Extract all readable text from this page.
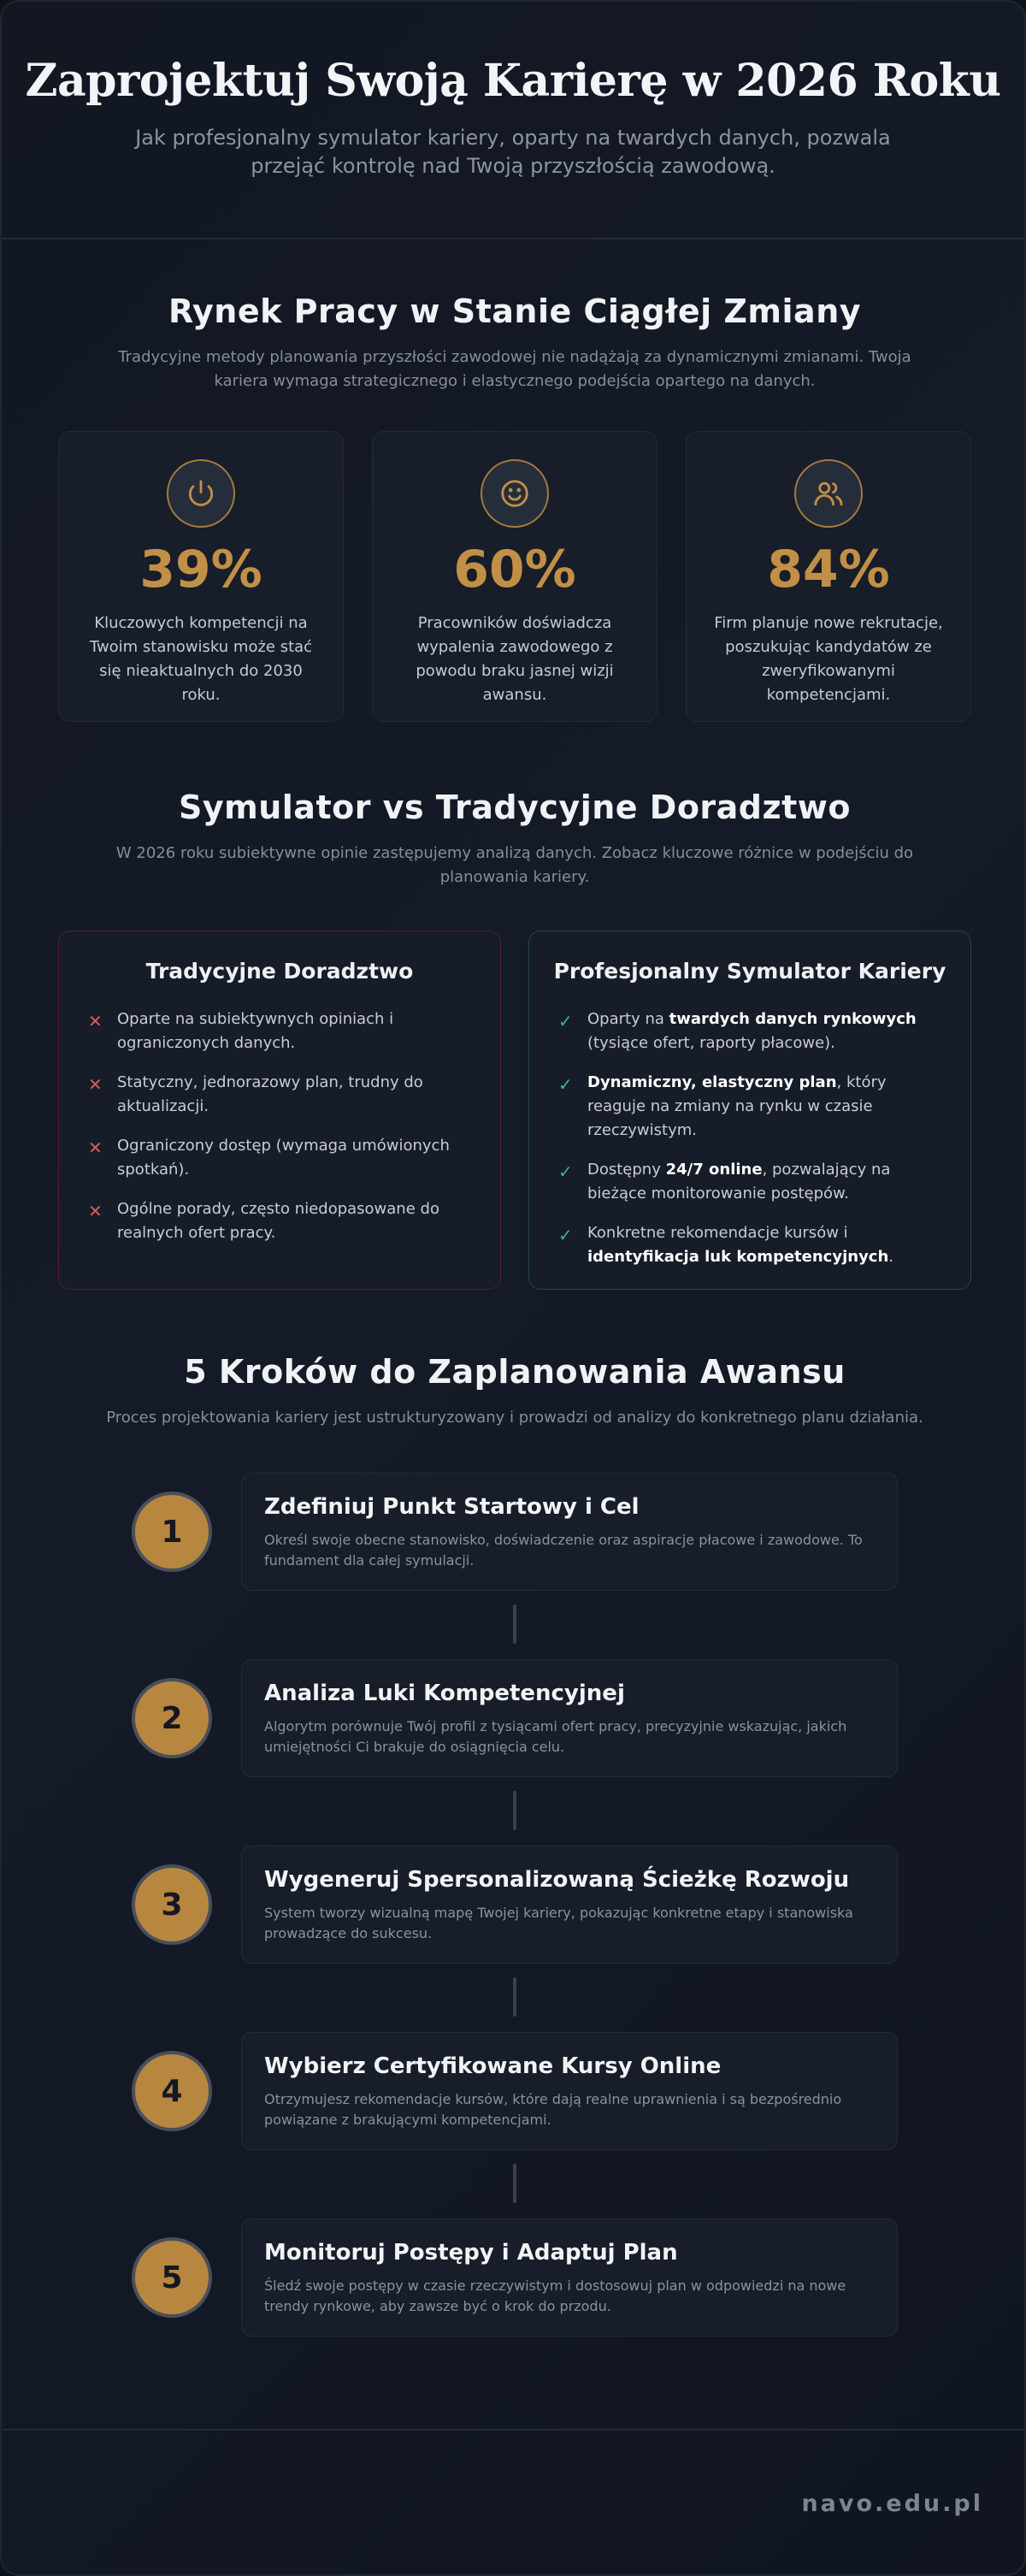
Zaprojektuj Swoją Karierę w 2026 Roku

Jak profesjonalny symulator kariery, oparty na twardych danych, pozwala przejąć kontrolę nad Twoją przyszłością zawodową.

Rynek Pracy w Stanie Ciągłej Zmiany

Tradycyjne metody planowania przyszłości zawodowej nie nadążają za dynamicznymi zmianami. Twoja kariera wymaga strategicznego i elastycznego podejścia opartego na danych.

39%
Kluczowych kompetencji na Twoim stanowisku może stać się nieaktualnych do 2030 roku.
60%
Pracowników doświadcza wypalenia zawodowego z powodu braku jasnej wizji awansu.
84%
Firm planuje nowe rekrutacje, poszukując kandydatów ze zweryfikowanymi kompetencjami.
Symulator vs Tradycyjne Doradztwo

W 2026 roku subiektywne opinie zastępujemy analizą danych. Zobacz kluczowe różnice w podejściu do planowania kariery.

Tradycyjne Doradztwo
✕ Oparte na subiektywnych opiniach i ograniczonych danych.
✕ Statyczny, jednorazowy plan, trudny do aktualizacji.
✕ Ograniczony dostęp (wymaga umówionych spotkań).
✕ Ogólne porady, często niedopasowane do realnych ofert pracy.
Profesjonalny Symulator Kariery
✓ Oparty na twardych danych rynkowych (tysiące ofert, raporty płacowe).
✓ Dynamiczny, elastyczny plan, który reaguje na zmiany na rynku w czasie rzeczywistym.
✓ Dostępny 24/7 online, pozwalający na bieżące monitorowanie postępów.
✓ Konkretne rekomendacje kursów i identyfikacja luk kompetencyjnych.
5 Kroków do Zaplanowania Awansu

Proces projektowania kariery jest ustrukturyzowany i prowadzi od analizy do konkretnego planu działania.

1
Zdefiniuj Punkt Startowy i Cel

Określ swoje obecne stanowisko, doświadczenie oraz aspiracje płacowe i zawodowe. To fundament dla całej symulacji.

2
Analiza Luki Kompetencyjnej

Algorytm porównuje Twój profil z tysiącami ofert pracy, precyzyjnie wskazując, jakich umiejętności Ci brakuje do osiągnięcia celu.

3
Wygeneruj Spersonalizowaną Ścieżkę Rozwoju

System tworzy wizualną mapę Twojej kariery, pokazując konkretne etapy i stanowiska prowadzące do sukcesu.

4
Wybierz Certyfikowane Kursy Online

Otrzymujesz rekomendacje kursów, które dają realne uprawnienia i są bezpośrednio powiązane z brakującymi kompetencjami.

5
Monitoruj Postępy i Adaptuj Plan

Śledź swoje postępy w czasie rzeczywistym i dostosowuj plan w odpowiedzi na nowe trendy rynkowe, aby zawsze być o krok do przodu.

navo.edu.pl
